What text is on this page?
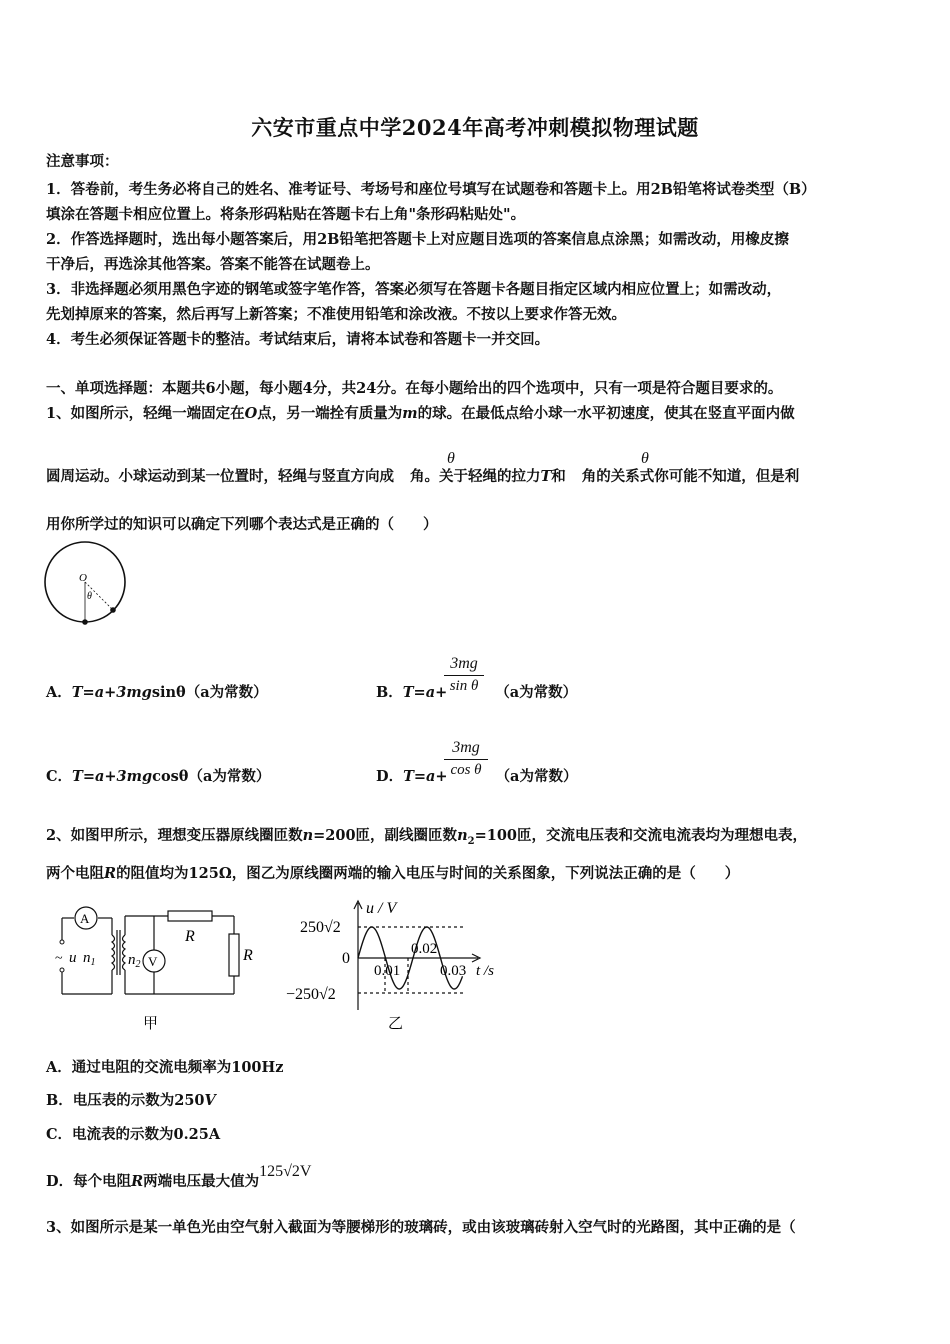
六安市重点中学2024年高考冲刺模拟物理试题
注意事项：
1．答卷前，考生务必将自己的姓名、准考证号、考场号和座位号填写在试题卷和答题卡上。用2B铅笔将试卷类型（B）
填涂在答题卡相应位置上。将条形码粘贴在答题卡右上角"条形码粘贴处"。
2．作答选择题时，选出每小题答案后，用2B铅笔把答题卡上对应题目选项的答案信息点涂黑；如需改动，用橡皮擦
干净后，再选涂其他答案。答案不能答在试题卷上。
3．非选择题必须用黑色字迹的钢笔或签字笔作答，答案必须写在答题卡各题目指定区域内相应位置上；如需改动，
先划掉原来的答案，然后再写上新答案；不准使用铅笔和涂改液。不按以上要求作答无效。
4．考生必须保证答题卡的整洁。考试结束后，请将本试卷和答题卡一并交回。
一、单项选择题：本题共6小题，每小题4分，共24分。在每小题给出的四个选项中，只有一项是符合题目要求的。
1、如图所示，轻绳一端固定在O点，另一端拴有质量为m的球。在最低点给小球一水平初速度，使其在竖直平面内做
θ	θ
圆周运动。小球运动到某一位置时，轻绳与竖直方向成 角。关于轻绳的拉力T和 角的关系式你可能不知道，但是利
用你所学过的知识可以确定下列哪个表达式是正确的（　　）
O
θ
A．T=a+3mgsinθ（a为常数）	B．T=a+	（a为常数）
3mg
sin θ
C．T=a+3mgcosθ（a为常数）	D．T=a+	（a为常数）
3mg
cos θ
2、如图甲所示，理想变压器原线圈匝数n=200匝，副线圈匝数$n_2=100$匝，交流电压表和交流电流表均为理想电表，
两个电阻R的阻值均为125Ω，图乙为原线圈两端的输入电压与时间的关系图象，下列说法正确的是（　　）
A
V
~ u $n_1$ $n_2$
R
R
甲
u / V
250√2
0
−250√2
0.01
0.02
0.03 t /s
乙
A．通过电阻的交流电频率为100Hz
B．电压表的示数为250V
C．电流表的示数为0.25A
D．每个电阻R两端电压最大值为125√2V
3、如图所示是某一单色光由空气射入截面为等腰梯形的玻璃砖，或由该玻璃砖射入空气时的光路图，其中正确的是（
